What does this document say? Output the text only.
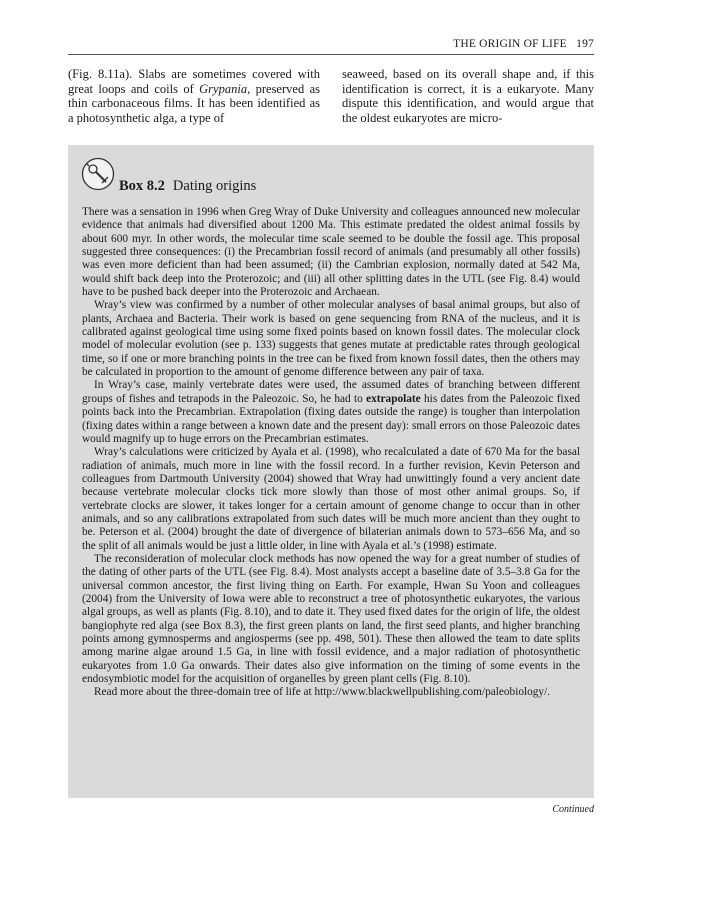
THE ORIGIN OF LIFE 197

(Fig. 8.11a). Slabs are sometimes covered with great loops and coils of Grypania, preserved as thin carbonaceous films. It has been identified as a photosynthetic alga, a type of

seaweed, based on its overall shape and, if this identification is correct, it is a eukaryote. Many dispute this identification, and would argue that the oldest eukaryotes are micro-

Box 8.2 Dating origins

There was a sensation in 1996 when Greg Wray of Duke University and colleagues announced new molecular evidence that animals had diversified about 1200 Ma. This estimate predated the oldest animal fossils by about 600 myr. In other words, the molecular time scale seemed to be double the fossil age. This proposal suggested three consequences: (i) the Precambrian fossil record of animals (and presumably all other fossils) was even more deficient than had been assumed; (ii) the Cambrian explosion, normally dated at 542 Ma, would shift back deep into the Proterozoic; and (iii) all other splitting dates in the UTL (see Fig. 8.4) would have to be pushed back deeper into the Proterozoic and Archaean.

Wray’s view was confirmed by a number of other molecular analyses of basal animal groups, but also of plants, Archaea and Bacteria. Their work is based on gene sequencing from RNA of the nucleus, and it is calibrated against geological time using some fixed points based on known fossil dates. The molecular clock model of molecular evolution (see p. 133) suggests that genes mutate at predictable rates through geological time, so if one or more branching points in the tree can be fixed from known fossil dates, then the others may be calculated in proportion to the amount of genome difference between any pair of taxa.

In Wray’s case, mainly vertebrate dates were used, the assumed dates of branching between different groups of fishes and tetrapods in the Paleozoic. So, he had to extrapolate his dates from the Paleozoic fixed points back into the Precambrian. Extrapolation (fixing dates outside the range) is tougher than interpolation (fixing dates within a range between a known date and the present day): small errors on those Paleozoic dates would magnify up to huge errors on the Precambrian estimates.

Wray’s calculations were criticized by Ayala et al. (1998), who recalculated a date of 670 Ma for the basal radiation of animals, much more in line with the fossil record. In a further revision, Kevin Peterson and colleagues from Dartmouth University (2004) showed that Wray had unwittingly found a very ancient date because vertebrate molecular clocks tick more slowly than those of most other animal groups. So, if vertebrate clocks are slower, it takes longer for a certain amount of genome change to occur than in other animals, and so any calibrations extrapolated from such dates will be much more ancient than they ought to be. Peterson et al. (2004) brought the date of divergence of bilaterian animals down to 573–656 Ma, and so the split of all animals would be just a little older, in line with Ayala et al.’s (1998) estimate.

The reconsideration of molecular clock methods has now opened the way for a great number of studies of the dating of other parts of the UTL (see Fig. 8.4). Most analysts accept a baseline date of 3.5–3.8 Ga for the universal common ancestor, the first living thing on Earth. For example, Hwan Su Yoon and colleagues (2004) from the University of Iowa were able to reconstruct a tree of photosynthetic eukaryotes, the various algal groups, as well as plants (Fig. 8.10), and to date it. They used fixed dates for the origin of life, the oldest bangiophyte red alga (see Box 8.3), the first green plants on land, the first seed plants, and higher branching points among gymnosperms and angiosperms (see pp. 498, 501). These then allowed the team to date splits among marine algae around 1.5 Ga, in line with fossil evidence, and a major radiation of photosynthetic eukaryotes from 1.0 Ga onwards. Their dates also give information on the timing of some events in the endosymbiotic model for the acquisition of organelles by green plant cells (Fig. 8.10).

Read more about the three-domain tree of life at http://www.blackwellpublishing.com/paleobiology/.

Continued
